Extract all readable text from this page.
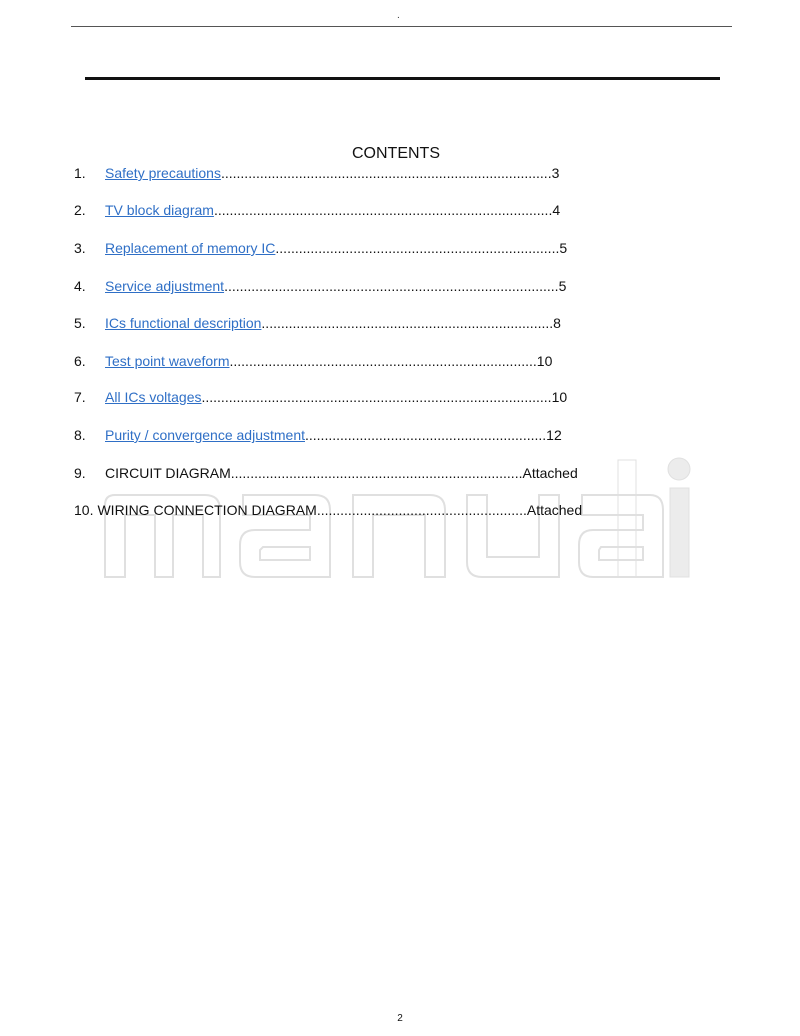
.
CONTENTS
1. Safety precautions.....................................................................................3
2. TV block diagram.......................................................................................4
3. Replacement of memory IC.........................................................................5
4. Service adjustment......................................................................................5
5. ICs functional description...........................................................................8
6. Test point waveform...............................................................................10
7. All ICs voltages..........................................................................................10
8. Purity / convergence adjustment..............................................................12
9. CIRCUIT DIAGRAM...........................................................................Attached
10. WIRING CONNECTION DIAGRAM......................................................Attached
2
